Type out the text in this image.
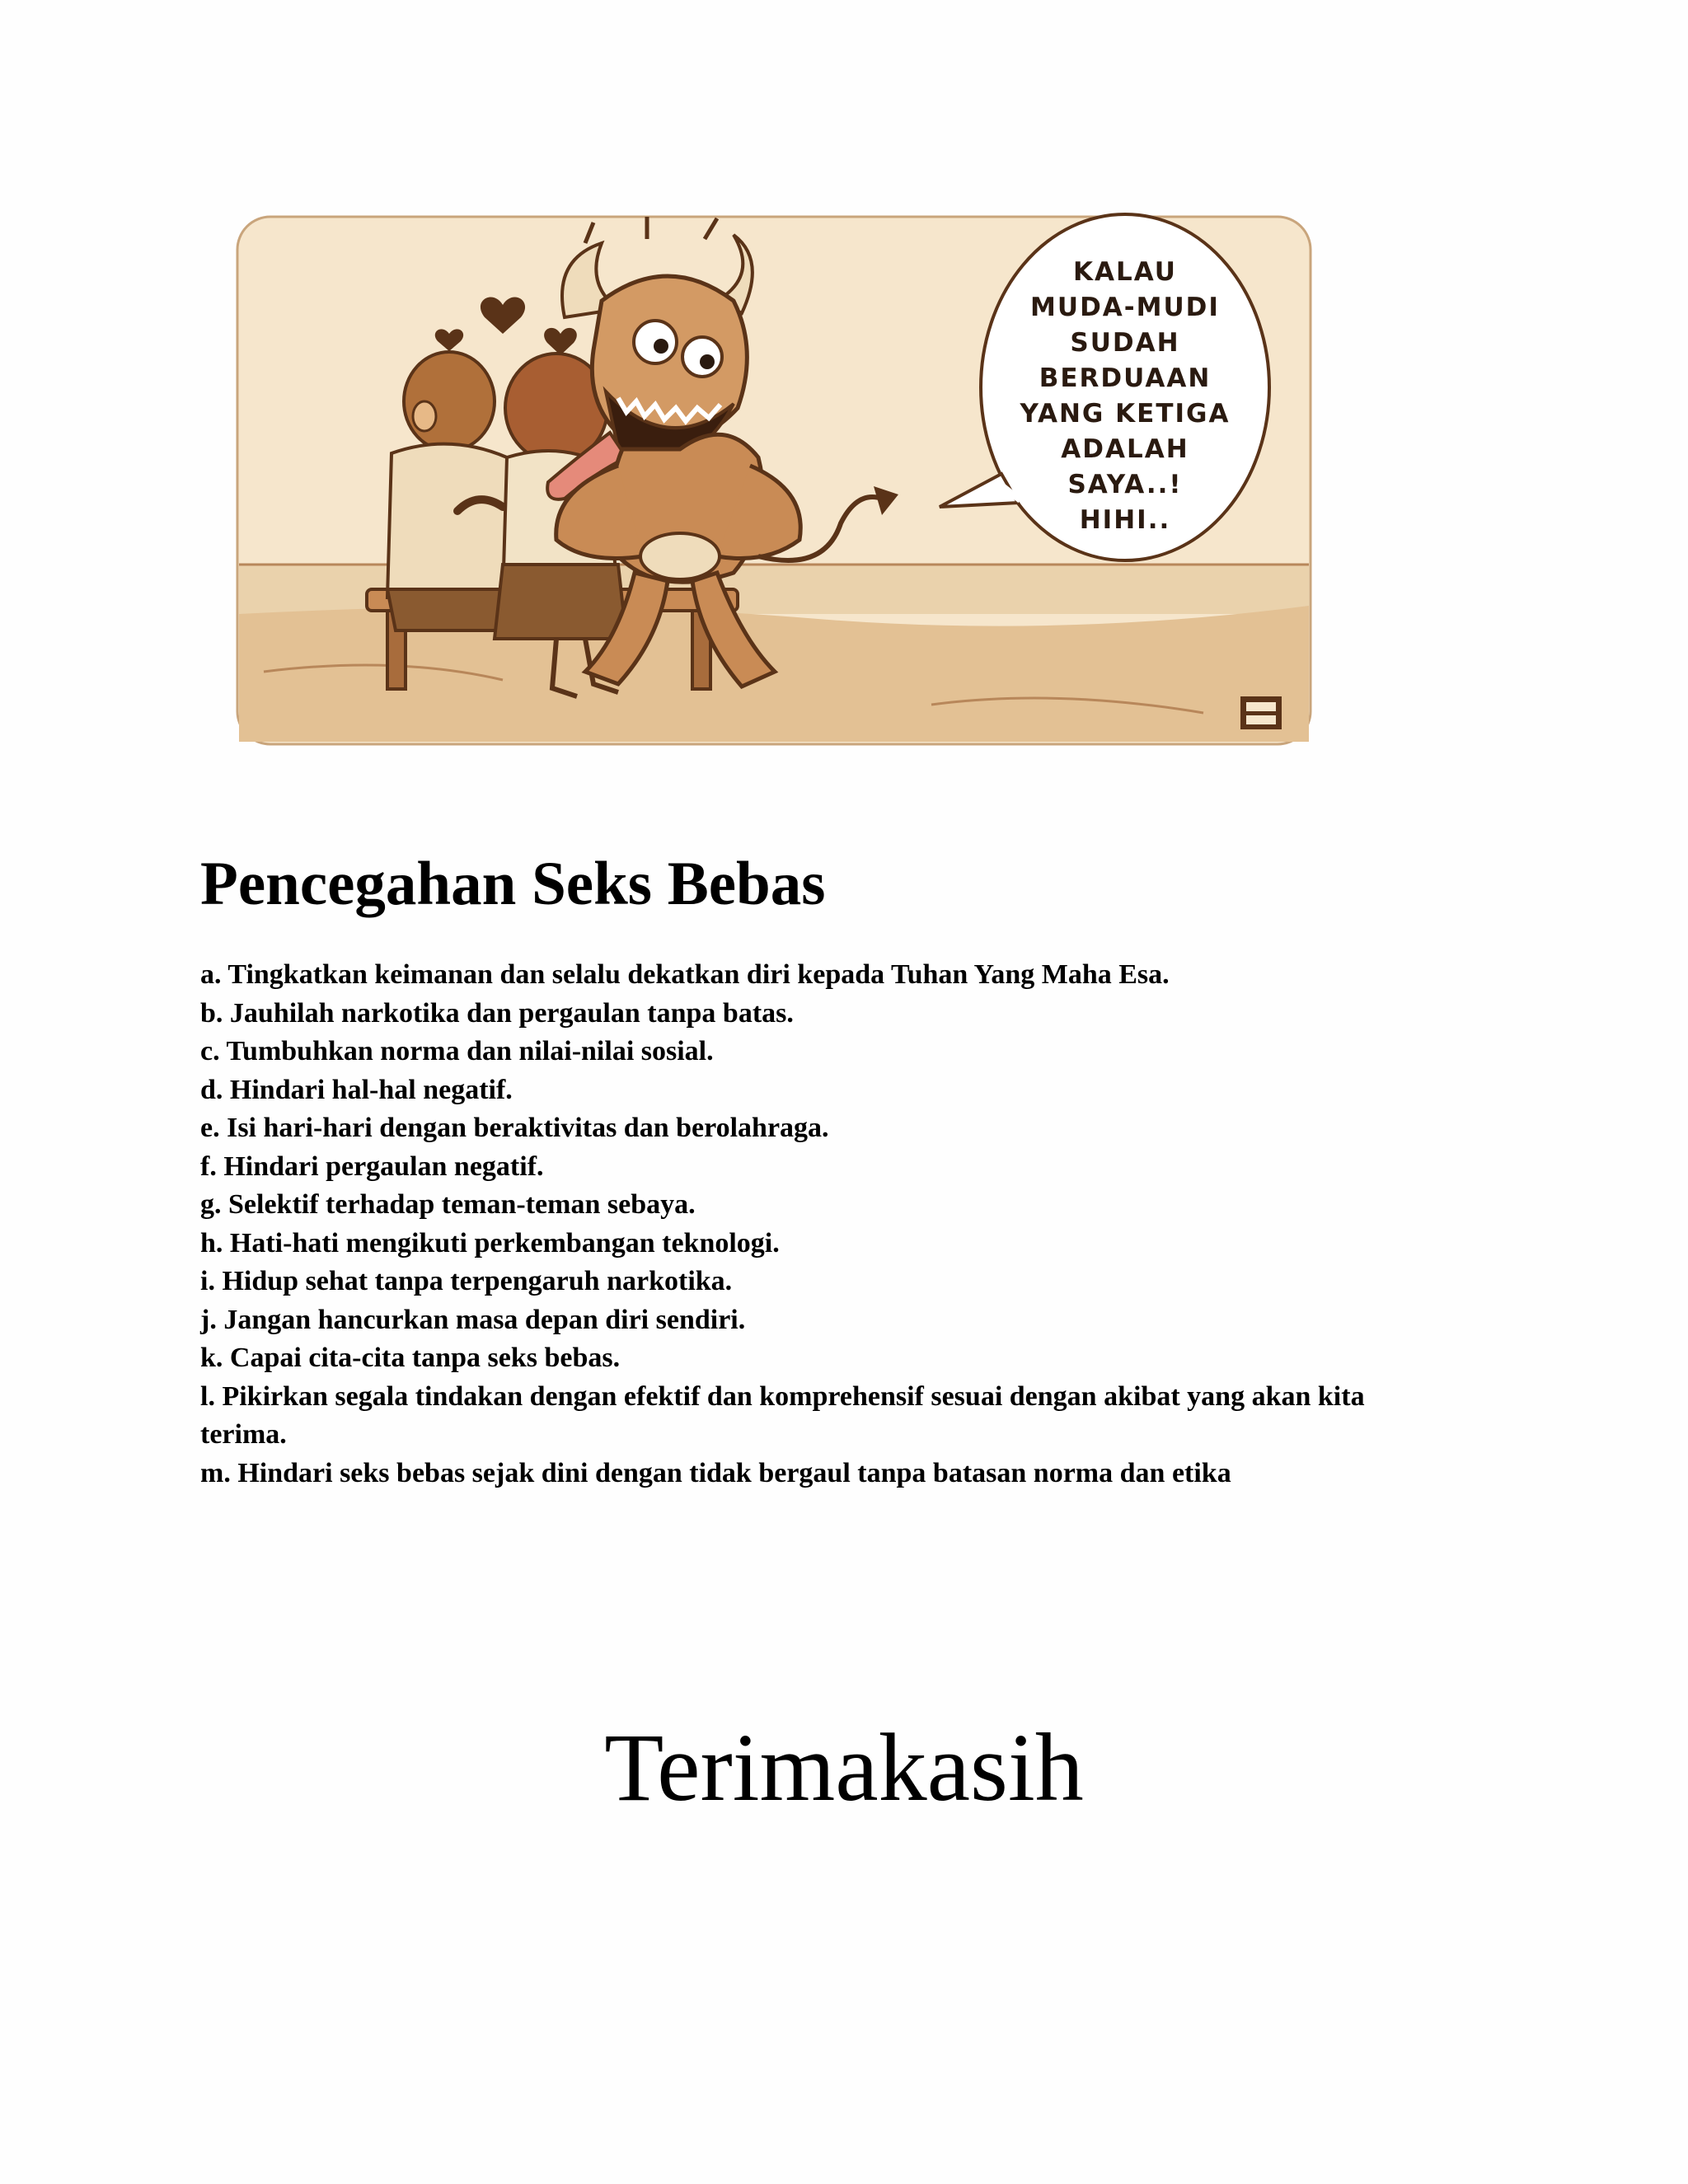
KALAU
MUDA-MUDI
SUDAH
BERDUAAN
YANG KETIGA
ADALAH
SAYA..!
HIHI..
Pencegahan Seks Bebas
a. Tingkatkan keimanan dan selalu dekatkan diri kepada Tuhan Yang Maha Esa.
b. Jauhilah narkotika dan pergaulan tanpa batas.
c. Tumbuhkan norma dan nilai-nilai sosial.
d. Hindari hal-hal negatif.
e. Isi hari-hari dengan beraktivitas dan berolahraga.
f. Hindari pergaulan negatif.
g. Selektif terhadap teman-teman sebaya.
h. Hati-hati mengikuti perkembangan teknologi.
i. Hidup sehat tanpa terpengaruh narkotika.
j. Jangan hancurkan masa depan diri sendiri.
k. Capai cita-cita tanpa seks bebas.
l. Pikirkan segala tindakan dengan efektif dan komprehensif sesuai dengan akibat yang akan kita terima.
m. Hindari seks bebas sejak dini dengan tidak bergaul tanpa batasan norma dan etika
Terimakasih
